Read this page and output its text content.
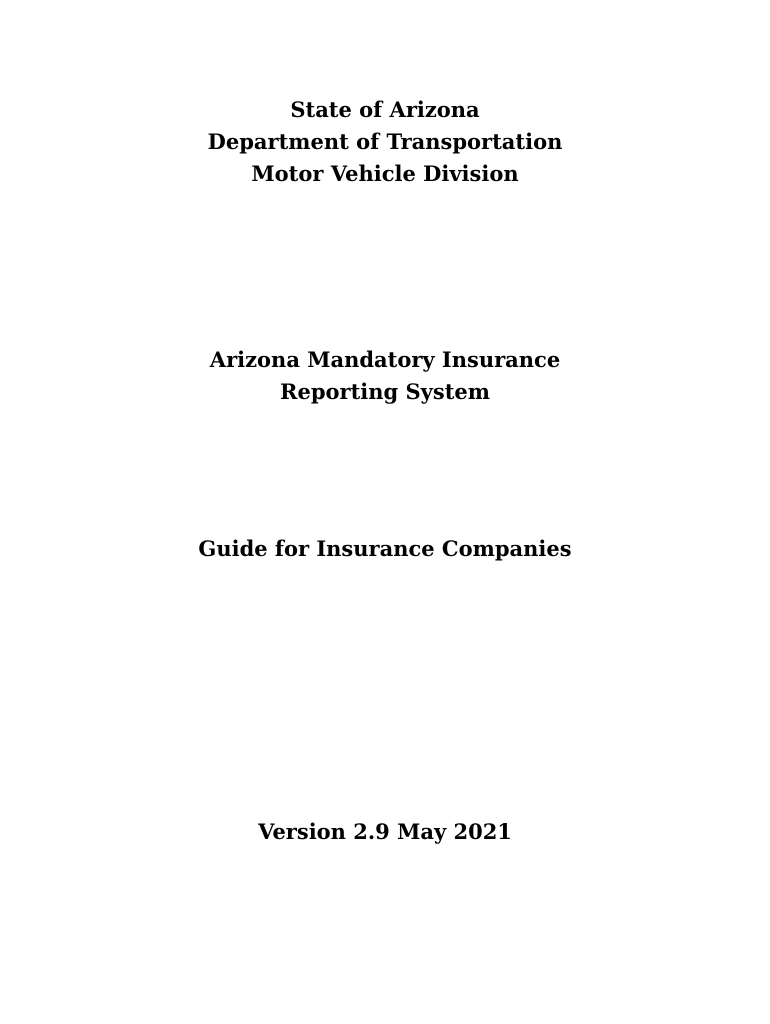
State of Arizona
Department of Transportation
Motor Vehicle Division
Arizona Mandatory Insurance
Reporting System
Guide for Insurance Companies
Version 2.9 May 2021
